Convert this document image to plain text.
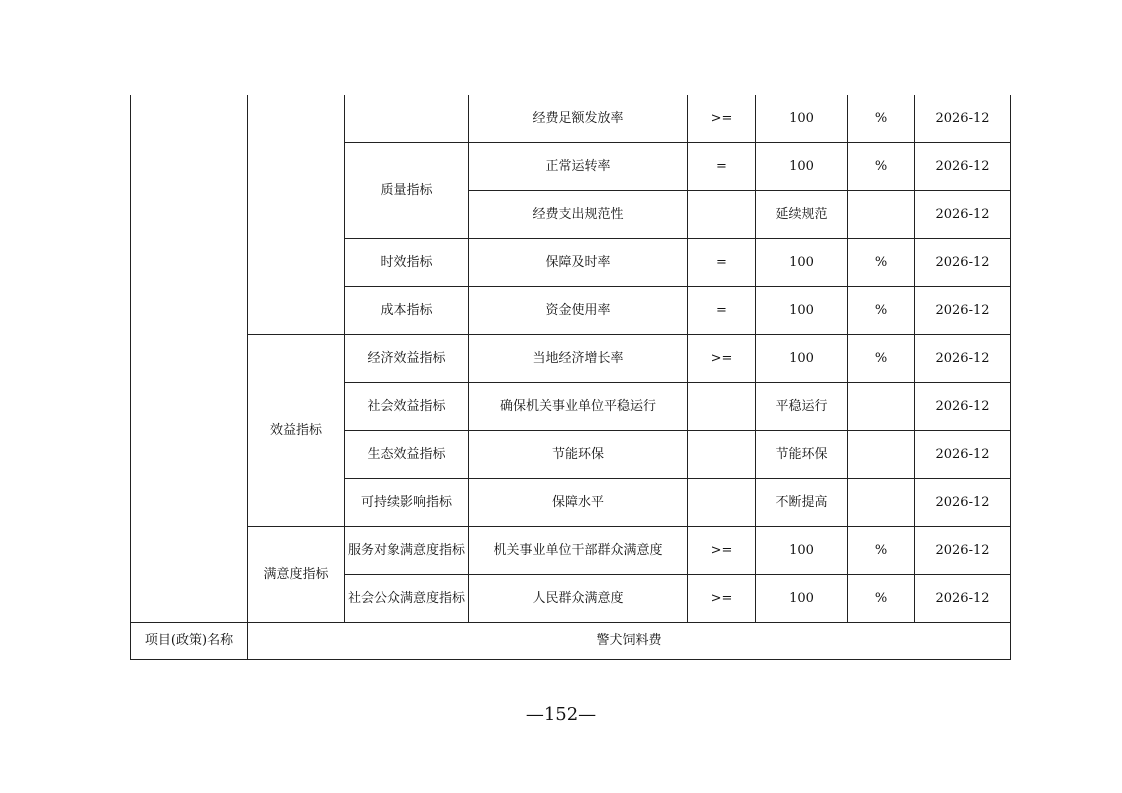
			经费足额发放率	>=	100	%	2026-12
		质量指标	正常运转率	=	100	%	2026-12
			经费支出规范性		延续规范		2026-12
		时效指标	保障及时率	=	100	%	2026-12
		成本指标	资金使用率	=	100	%	2026-12
	效益指标	经济效益指标	当地经济增长率	>=	100	%	2026-12
		社会效益指标	确保机关事业单位平稳运行		平稳运行		2026-12
		生态效益指标	节能环保		节能环保		2026-12
		可持续影响指标	保障水平		不断提高		2026-12
	满意度指标	服务对象满意度指标	机关事业单位干部群众满意度	>=	100	%	2026-12
		社会公众满意度指标	人民群众满意度	>=	100	%	2026-12
项目(政策)名称	警犬饲料费						
—152—
